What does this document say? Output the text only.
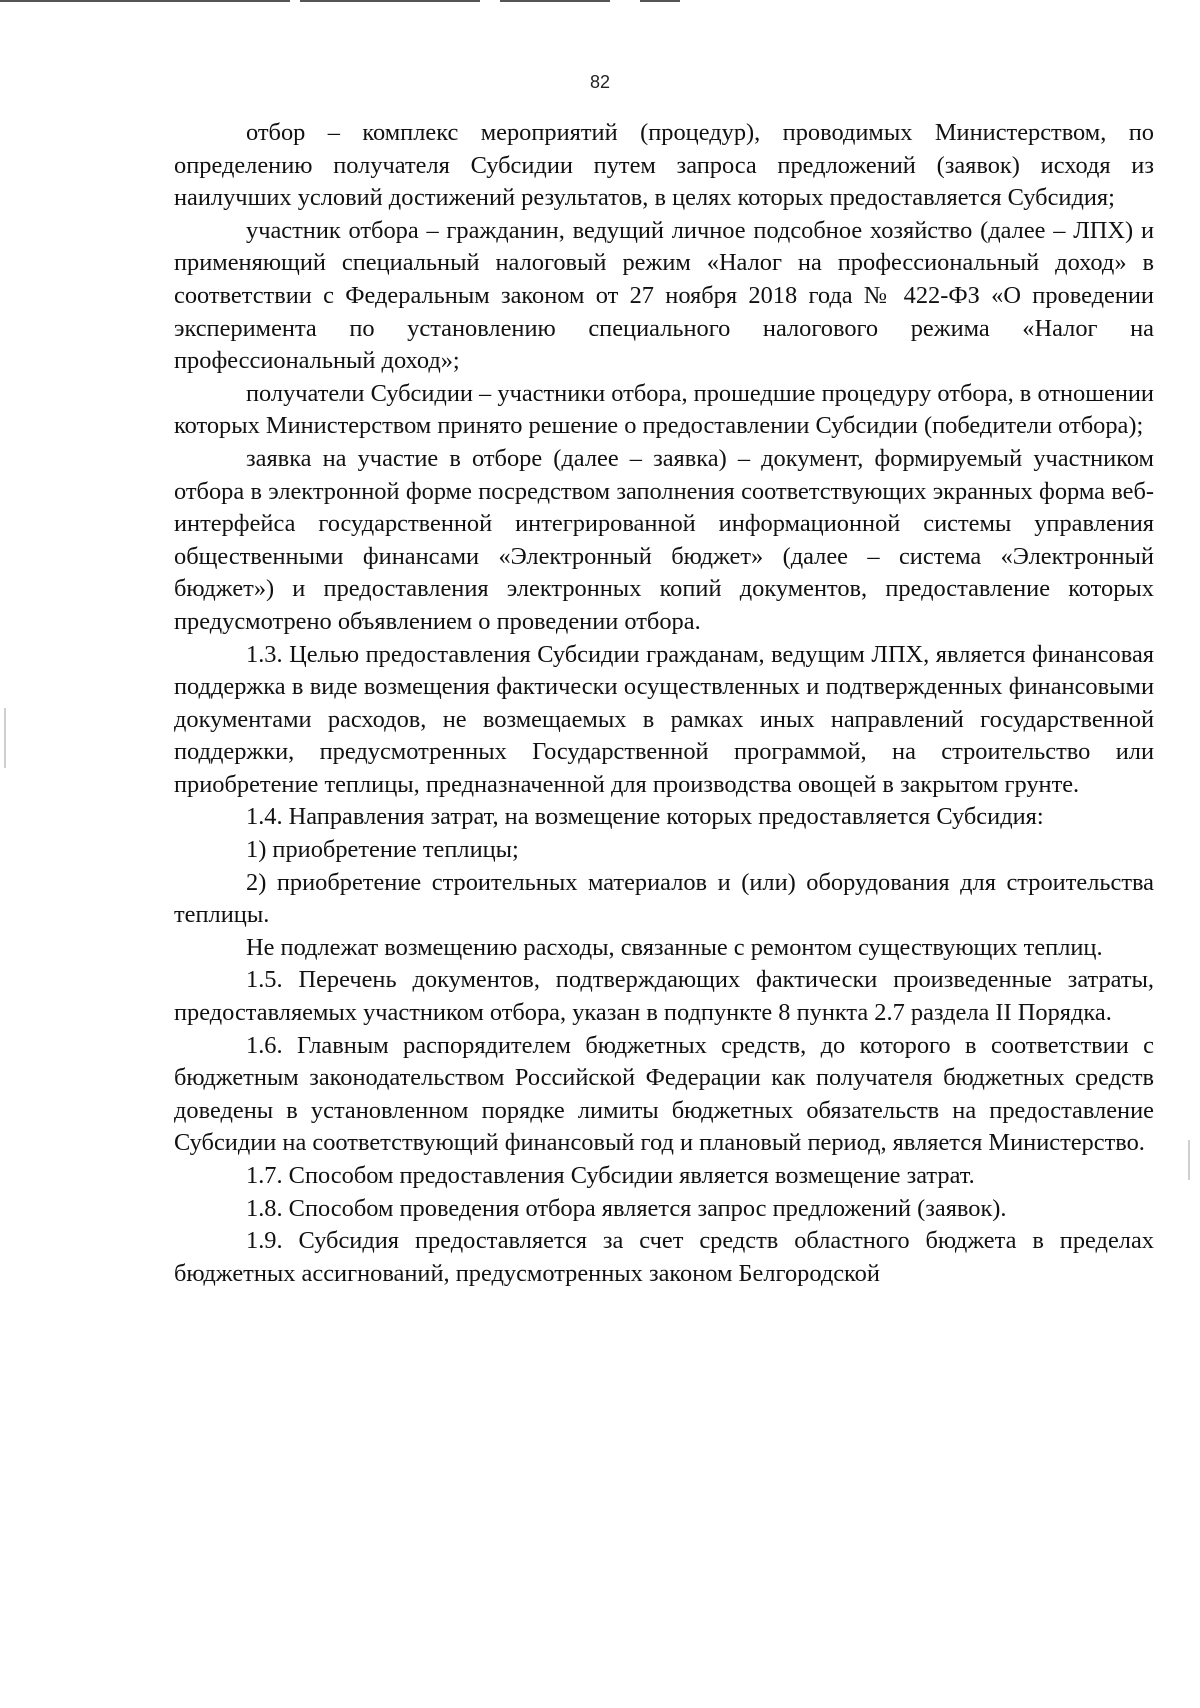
82

отбор – комплекс мероприятий (процедур), проводимых Министерством, по определению получателя Субсидии путем запроса предложений (заявок) исходя из наилучших условий достижений результатов, в целях которых предоставляется Субсидия;

участник отбора – гражданин, ведущий личное подсобное хозяйство (далее – ЛПХ) и применяющий специальный налоговый режим «Налог на профессиональный доход» в соответствии с Федеральным законом от 27 ноября 2018 года № 422-ФЗ «О проведении эксперимента по установлению специального налогового режима «Налог на профессиональный доход»;

получатели Субсидии – участники отбора, прошедшие процедуру отбора, в отношении которых Министерством принято решение о предоставлении Субсидии (победители отбора);

заявка на участие в отборе (далее – заявка) – документ, формируемый участником отбора в электронной форме посредством заполнения соответствующих экранных форма веб-интерфейса государственной интегрированной информационной системы управления общественными финансами «Электронный бюджет» (далее – система «Электронный бюджет») и предоставления электронных копий документов, предоставление которых предусмотрено объявлением о проведении отбора.

1.3. Целью предоставления Субсидии гражданам, ведущим ЛПХ, является финансовая поддержка в виде возмещения фактически осуществленных и подтвержденных финансовыми документами расходов, не возмещаемых в рамках иных направлений государственной поддержки, предусмотренных Государственной программой, на строительство или приобретение теплицы, предназначенной для производства овощей в закрытом грунте.

1.4. Направления затрат, на возмещение которых предоставляется Субсидия:

1) приобретение теплицы;

2) приобретение строительных материалов и (или) оборудования для строительства теплицы.

Не подлежат возмещению расходы, связанные с ремонтом существующих теплиц.

1.5. Перечень документов, подтверждающих фактически произведенные затраты, предоставляемых участником отбора, указан в подпункте 8 пункта 2.7 раздела II Порядка.

1.6. Главным распорядителем бюджетных средств, до которого в соответствии с бюджетным законодательством Российской Федерации как получателя бюджетных средств доведены в установленном порядке лимиты бюджетных обязательств на предоставление Субсидии на соответствующий финансовый год и плановый период, является Министерство.

1.7. Способом предоставления Субсидии является возмещение затрат.

1.8. Способом проведения отбора является запрос предложений (заявок).

1.9. Субсидия предоставляется за счет средств областного бюджета в пределах бюджетных ассигнований, предусмотренных законом Белгородской
